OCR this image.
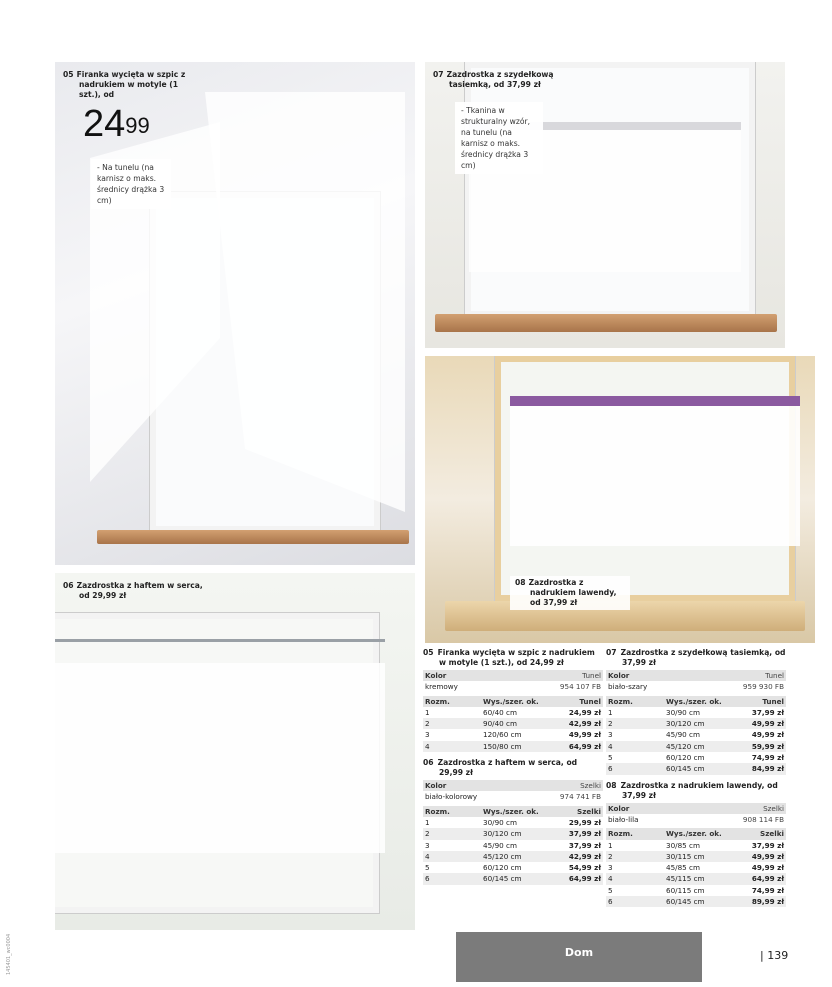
05 Firanka wycięta w szpic z nadrukiem w motyle (1 szt.), od
$24^{99}$
- Na tunelu (na karnisz o maks. średnicy drążka 3 cm)
07 Zazdrostka z szydełkową tasiemką, od 37,99 zł
- Tkanina w strukturalny wzór, na tunelu (na karnisz o maks. średnicy drążka 3 cm)
08 Zazdrostka z nadrukiem lawendy, od 37,99 zł
06 Zazdrostka z haftem w serca, od 29,99 zł
05 Firanka wycięta w szpic z nadrukiem w motyle (1 szt.), od 24,99 zł
Kolor	Tunel
kremowy	954 107 FB
Rozm.	Wys./szer. ok.	Tunel
1	60/40 cm	24,99 zł
2	90/40 cm	42,99 zł
3	120/60 cm	49,99 zł
4	150/80 cm	64,99 zł
06 Zazdrostka z haftem w serca, od 29,99 zł
Kolor	Szelki
biało-kolorowy	974 741 FB
Rozm.	Wys./szer. ok.	Szelki
1	30/90 cm	29,99 zł
2	30/120 cm	37,99 zł
3	45/90 cm	37,99 zł
4	45/120 cm	42,99 zł
5	60/120 cm	54,99 zł
6	60/145 cm	64,99 zł
07 Zazdrostka z szydełkową tasiemką, od 37,99 zł
Kolor	Tunel
biało-szary	959 930 FB
Rozm.	Wys./szer. ok.	Tunel
1	30/90 cm	37,99 zł
2	30/120 cm	49,99 zł
3	45/90 cm	49,99 zł
4	45/120 cm	59,99 zł
5	60/120 cm	74,99 zł
6	60/145 cm	84,99 zł
08 Zazdrostka z nadrukiem lawendy, od 37,99 zł
Kolor	Szelki
biało-lila	908 114 FB
Rozm.	Wys./szer. ok.	Szelki
1	30/85 cm	37,99 zł
2	30/115 cm	49,99 zł
3	45/85 cm	49,99 zł
4	45/115 cm	64,99 zł
5	60/115 cm	74,99 zł
6	60/145 cm	89,99 zł
Dom	| 139
145401_wc0004
